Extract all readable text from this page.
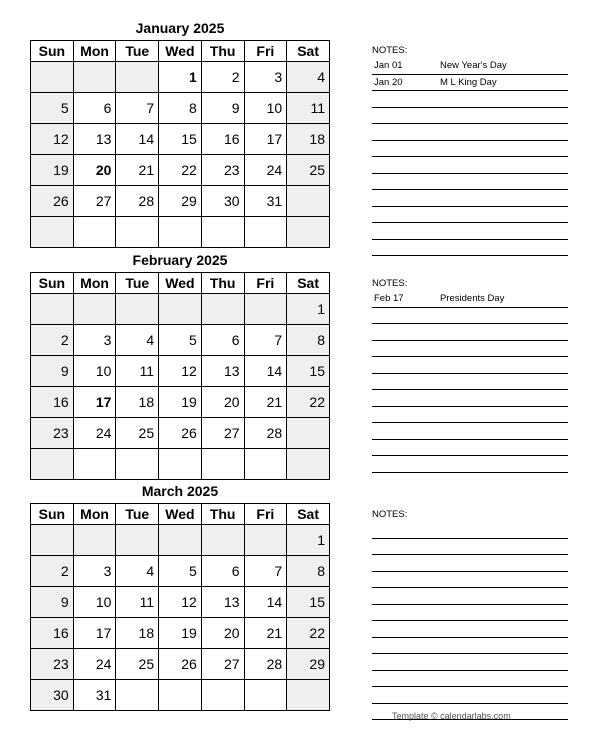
January 2025
Sun	Mon	Tue	Wed	Thu	Fri	Sat
			1	2	3	4
5	6	7	8	9	10	11
12	13	14	15	16	17	18
19	20	21	22	23	24	25
26	27	28	29	30	31	

NOTES:
Jan 01	New Year's Day
Jan 20	M L King Day
February 2025
Sun	Mon	Tue	Wed	Thu	Fri	Sat
						1
2	3	4	5	6	7	8
9	10	11	12	13	14	15
16	17	18	19	20	21	22
23	24	25	26	27	28	

NOTES:
Feb 17	Presidents Day
March 2025
Sun	Mon	Tue	Wed	Thu	Fri	Sat
						1
2	3	4	5	6	7	8
9	10	11	12	13	14	15
16	17	18	19	20	21	22
23	24	25	26	27	28	29
30	31					
NOTES:
Template © calendarlabs.com
